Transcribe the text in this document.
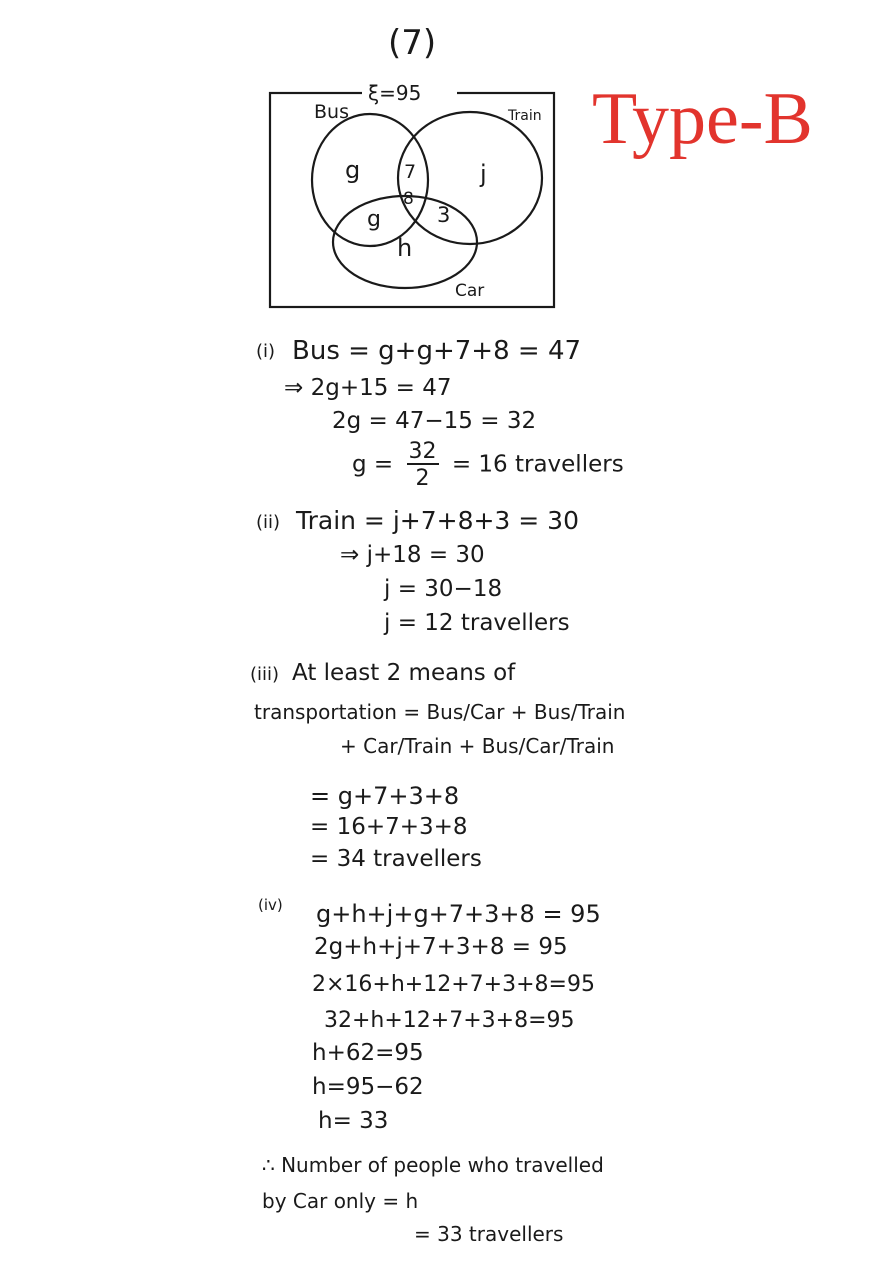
(7)
Type-B
ξ=95
Bus	Train
Car
g 7
8
j
g	3
h
(i) Bus = g+g+7+8 = 47
⇒ 2g+15 = 47
2g = 47−15 = 32
$g = \frac{32}{2} = 16$ travellers
(ii) Train = j+7+8+3 = 30
⇒ j+18 = 30
j = 30−18
j = 12 travellers
(iii) At least 2 means of
transportation = Bus/Car + Bus/Train
+ Car/Train + Bus/Car/Train
= g+7+3+8
= 16+7+3+8
= 34 travellers
(iv) g+h+j+g+7+3+8 = 95
2g+h+j+7+3+8 = 95
2×16+h+12+7+3+8=95
32+h+12+7+3+8=95
h+62=95
h=95−62
h= 33
∴ Number of people who travelled
by Car only = h
= 33 travellers
